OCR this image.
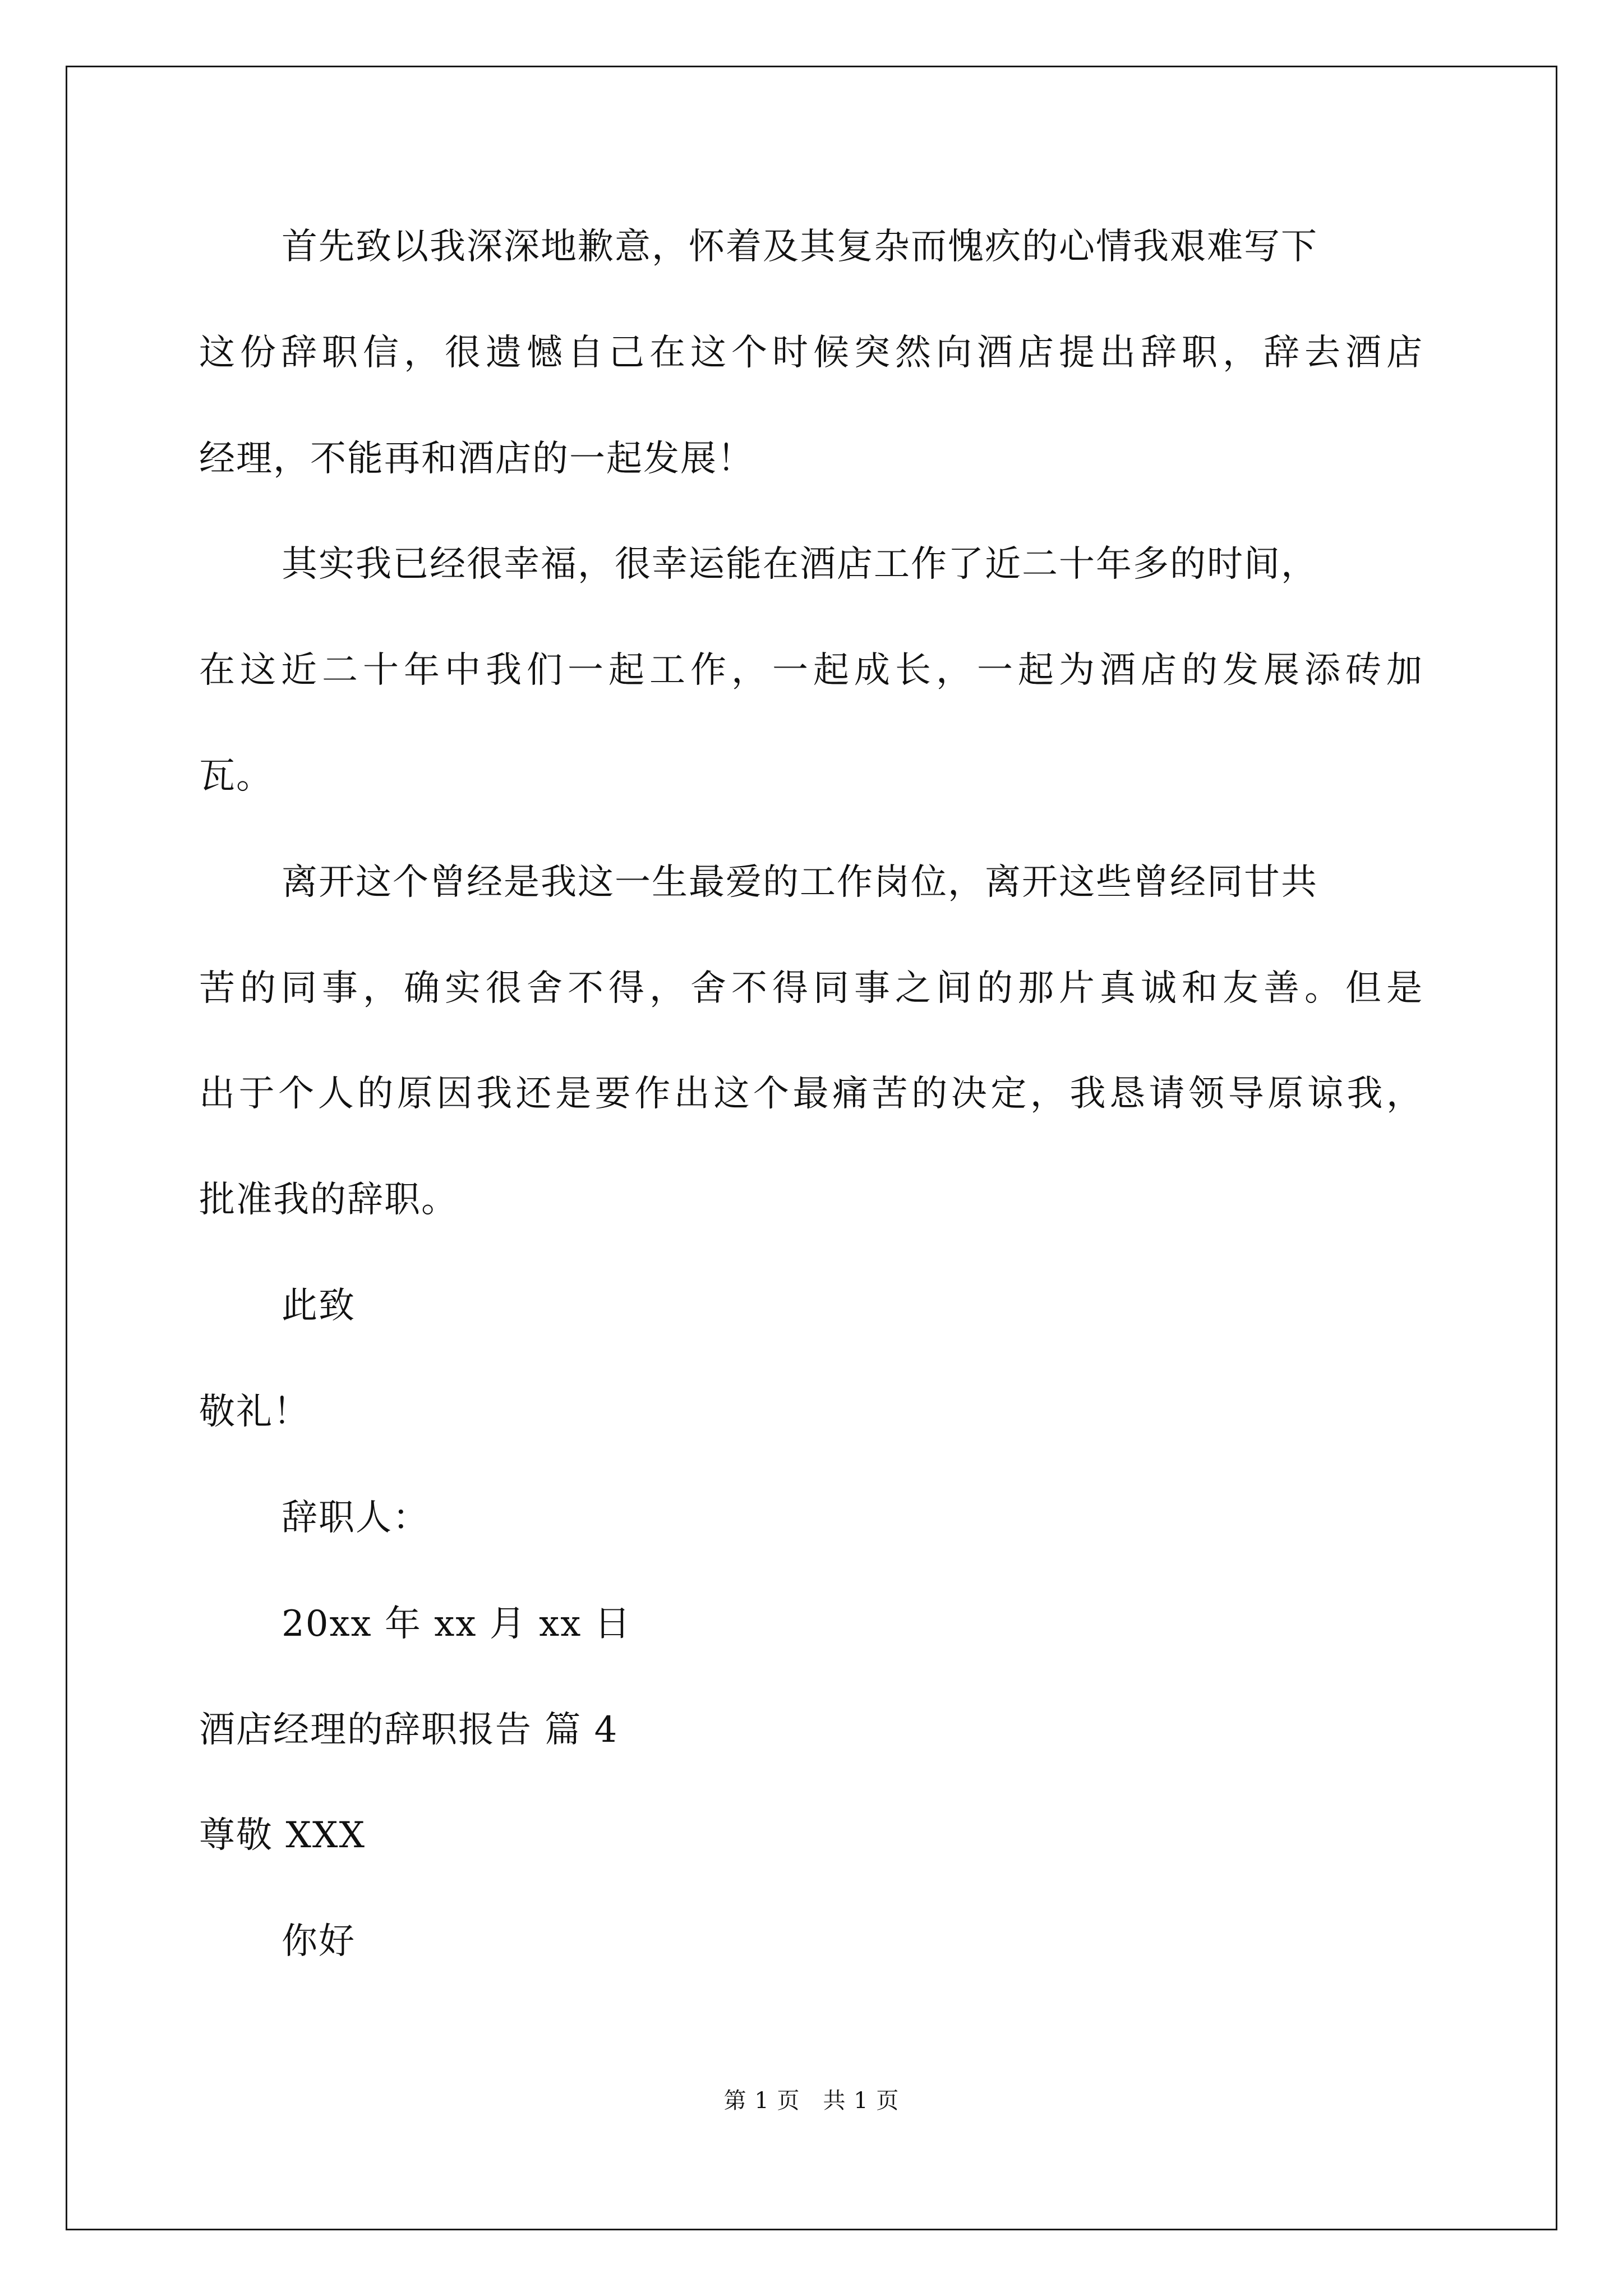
首先致以我深深地歉意，怀着及其复杂而愧疚的心情我艰难写下
这份辞职信，很遗憾自己在这个时候突然向酒店提出辞职，辞去酒店
经理，不能再和酒店的一起发展！
其实我已经很幸福，很幸运能在酒店工作了近二十年多的时间，
在这近二十年中我们一起工作，一起成长，一起为酒店的发展添砖加
瓦。
离开这个曾经是我这一生最爱的工作岗位，离开这些曾经同甘共
苦的同事，确实很舍不得，舍不得同事之间的那片真诚和友善。但是
出于个人的原因我还是要作出这个最痛苦的决定，我恳请领导原谅我，
批准我的辞职。
此致
敬礼！
辞职人：
20xx 年 xx 月 xx 日
酒店经理的辞职报告 篇 4
尊敬 XXX
你好
第 1 页　共 1 页
